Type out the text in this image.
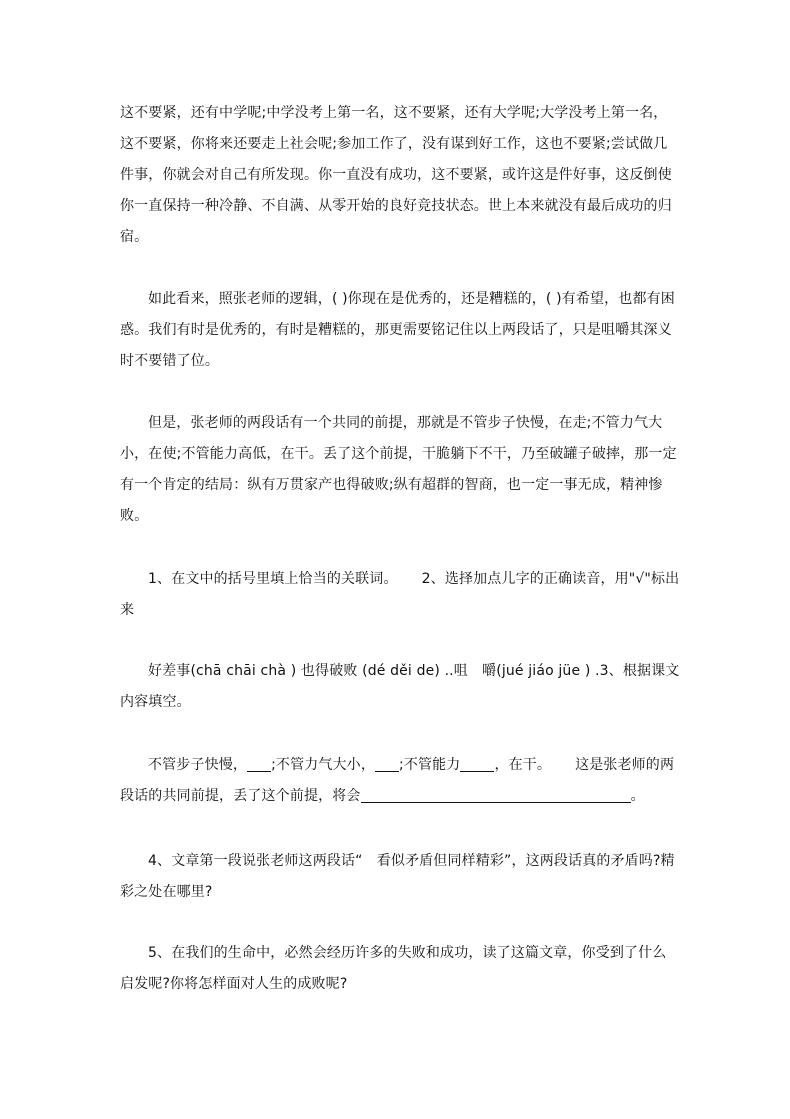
这不要紧，还有中学呢;中学没考上第一名，这不要紧，还有大学呢;大学没考上第一名，这不要紧，你将来还要走上社会呢;参加工作了，没有谋到好工作，这也不要紧;尝试做几件事，你就会对自己有所发现。你一直没有成功，这不要紧，或许这是件好事，这反倒使你一直保持一种冷静、不自满、从零开始的良好竞技状态。世上本来就没有最后成功的归宿。

如此看来，照张老师的逻辑，( )你现在是优秀的，还是糟糕的，( )有希望，也都有困惑。我们有时是优秀的，有时是糟糕的，那更需要铭记住以上两段话了，只是咀嚼其深义时不要错了位。

但是，张老师的两段话有一个共同的前提，那就是不管步子快慢，在走;不管力气大小，在使;不管能力高低，在干。丢了这个前提，干脆躺下不干，乃至破罐子破摔，那一定有一个肯定的结局：纵有万贯家产也得破败;纵有超群的智商，也一定一事无成，精神惨败。

1、在文中的括号里填上恰当的关联词。 2、选择加点儿字的正确读音，用"√"标出来

好差事(chā chāi chà ) 也得破败 (dé děi de) ..咀　嚼(jué jiáo jüe ) .3、根据课文内容填空。

不管步子快慢， ;不管力气大小， ;不管能力 ，在干。 这是张老师的两段话的共同前提，丢了这个前提，将会	。

4、文章第一段说张老师这两段话“　看似矛盾但同样精彩”，这两段话真的矛盾吗?精彩之处在哪里?

5、在我们的生命中，必然会经历许多的失败和成功，读了这篇文章，你受到了什么启发呢?你将怎样面对人生的成败呢?
